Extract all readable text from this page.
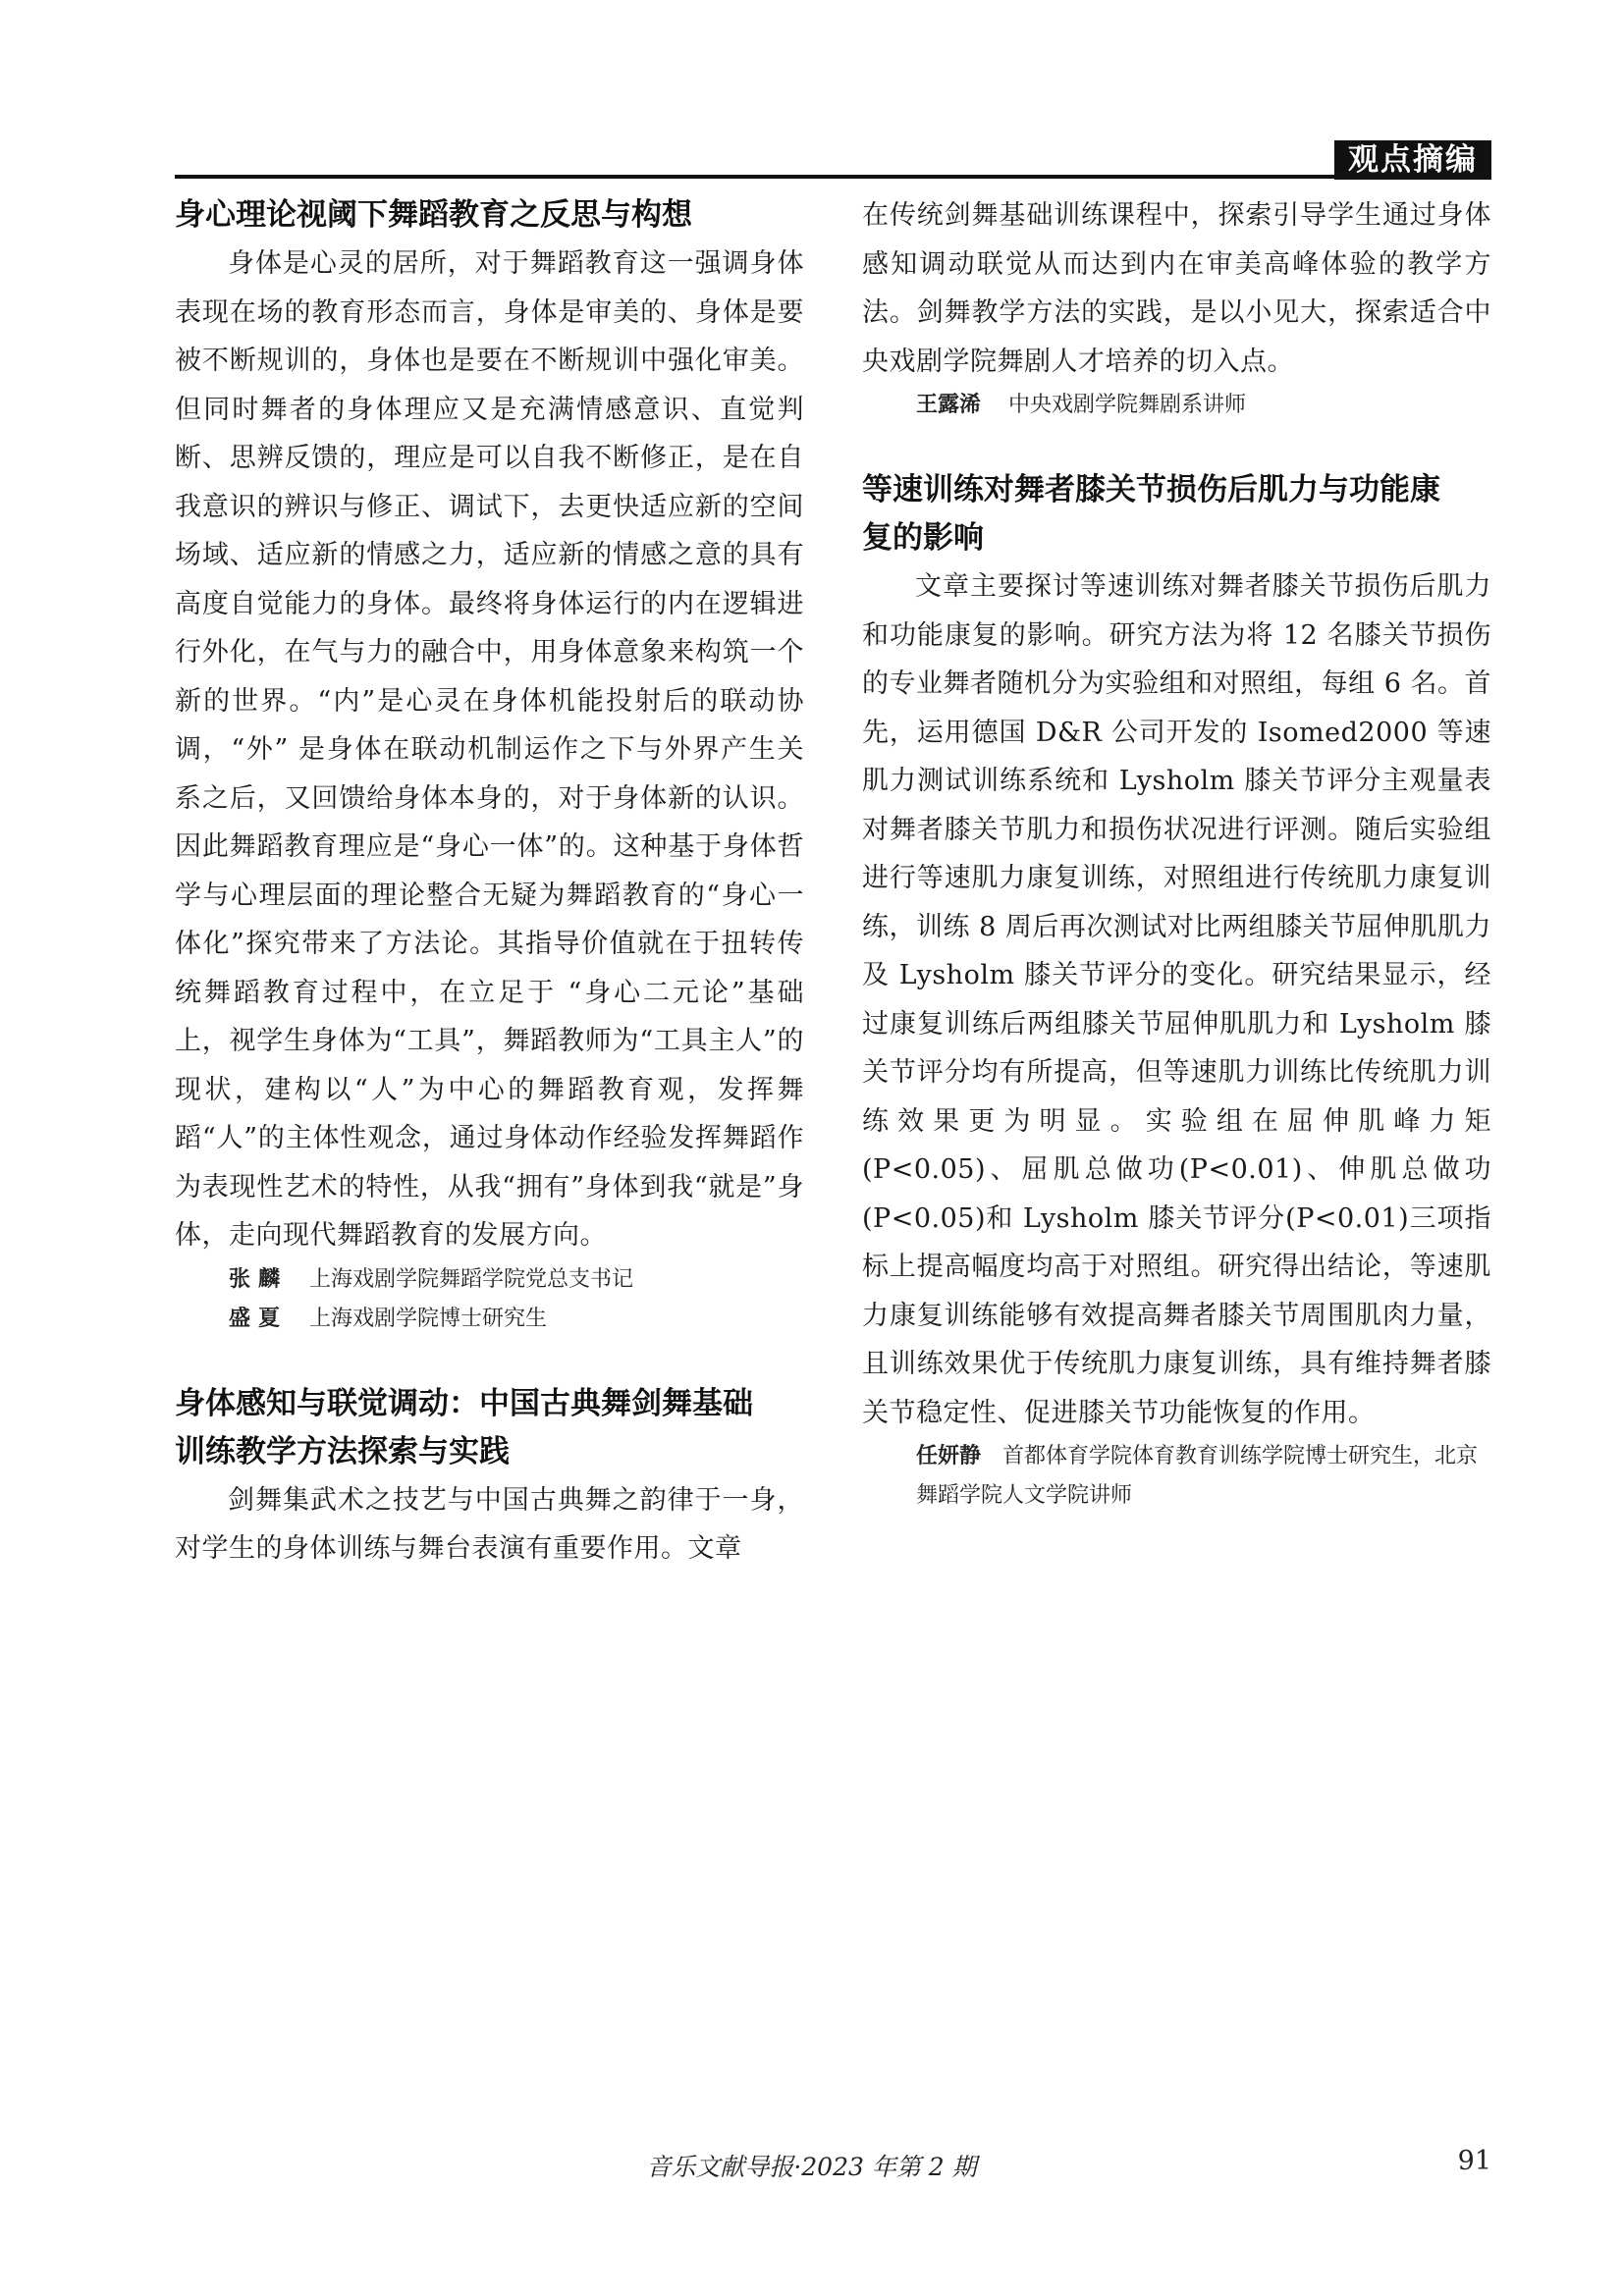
观点摘编
身心理论视阈下舞蹈教育之反思与构想

身体是心灵的居所，对于舞蹈教育这一强调身体表现在场的教育形态而言，身体是审美的、身体是要被不断规训的，身体也是要在不断规训中强化审美。但同时舞者的身体理应又是充满情感意识、直觉判断、思辨反馈的，理应是可以自我不断修正，是在自我意识的辨识与修正、调试下，去更快适应新的空间场域、适应新的情感之力，适应新的情感之意的具有高度自觉能力的身体。最终将身体运行的内在逻辑进行外化，在气与力的融合中，用身体意象来构筑一个新的世界。“内”是心灵在身体机能投射后的联动协调，“外” 是身体在联动机制运作之下与外界产生关系之后，又回馈给身体本身的，对于身体新的认识。因此舞蹈教育理应是“身心一体”的。这种基于身体哲学与心理层面的理论整合无疑为舞蹈教育的“身心一体化”探究带来了方法论。其指导价值就在于扭转传统舞蹈教育过程中，在立足于 “身心二元论”基础上，视学生身体为“工具”，舞蹈教师为“工具主人”的现状，建构以“人”为中心的舞蹈教育观，发挥舞蹈“人”的主体性观念，通过身体动作经验发挥舞蹈作为表现性艺术的特性，从我“拥有”身体到我“就是”身体，走向现代舞蹈教育的发展方向。

张麟 上海戏剧学院舞蹈学院党总支书记

盛夏 上海戏剧学院博士研究生

身体感知与联觉调动：中国古典舞剑舞基础
训练教学方法探索与实践

剑舞集武术之技艺与中国古典舞之韵律于一身，对学生的身体训练与舞台表演有重要作用。文章

在传统剑舞基础训练课程中，探索引导学生通过身体感知调动联觉从而达到内在审美高峰体验的教学方法。剑舞教学方法的实践，是以小见大，探索适合中央戏剧学院舞剧人才培养的切入点。

王露浠 中央戏剧学院舞剧系讲师

等速训练对舞者膝关节损伤后肌力与功能康
复的影响

文章主要探讨等速训练对舞者膝关节损伤后肌力和功能康复的影响。研究方法为将 12 名膝关节损伤的专业舞者随机分为实验组和对照组，每组 6 名。首先，运用德国 D&R 公司开发的 Isomed2000 等速肌力测试训练系统和 Lysholm 膝关节评分主观量表对舞者膝关节肌力和损伤状况进行评测。随后实验组进行等速肌力康复训练，对照组进行传统肌力康复训练，训练 8 周后再次测试对比两组膝关节屈伸肌肌力及 Lysholm 膝关节评分的变化。研究结果显示，经过康复训练后两组膝关节屈伸肌肌力和 Lysholm 膝关节评分均有所提高，但等速肌力训练比传统肌力训练效果更为明显。实验组在屈伸肌峰力矩(P<0.05)、屈肌总做功(P<0.01)、伸肌总做功(P<0.05)和 Lysholm 膝关节评分(P<0.01)三项指标上提高幅度均高于对照组。研究得出结论，等速肌力康复训练能够有效提高舞者膝关节周围肌肉力量，且训练效果优于传统肌力康复训练，具有维持舞者膝关节稳定性、促进膝关节功能恢复的作用。

任妍静 首都体育学院体育教育训练学院博士研究生，北京舞蹈学院人文学院讲师

音乐文献导报·2023 年第 2 期	91
